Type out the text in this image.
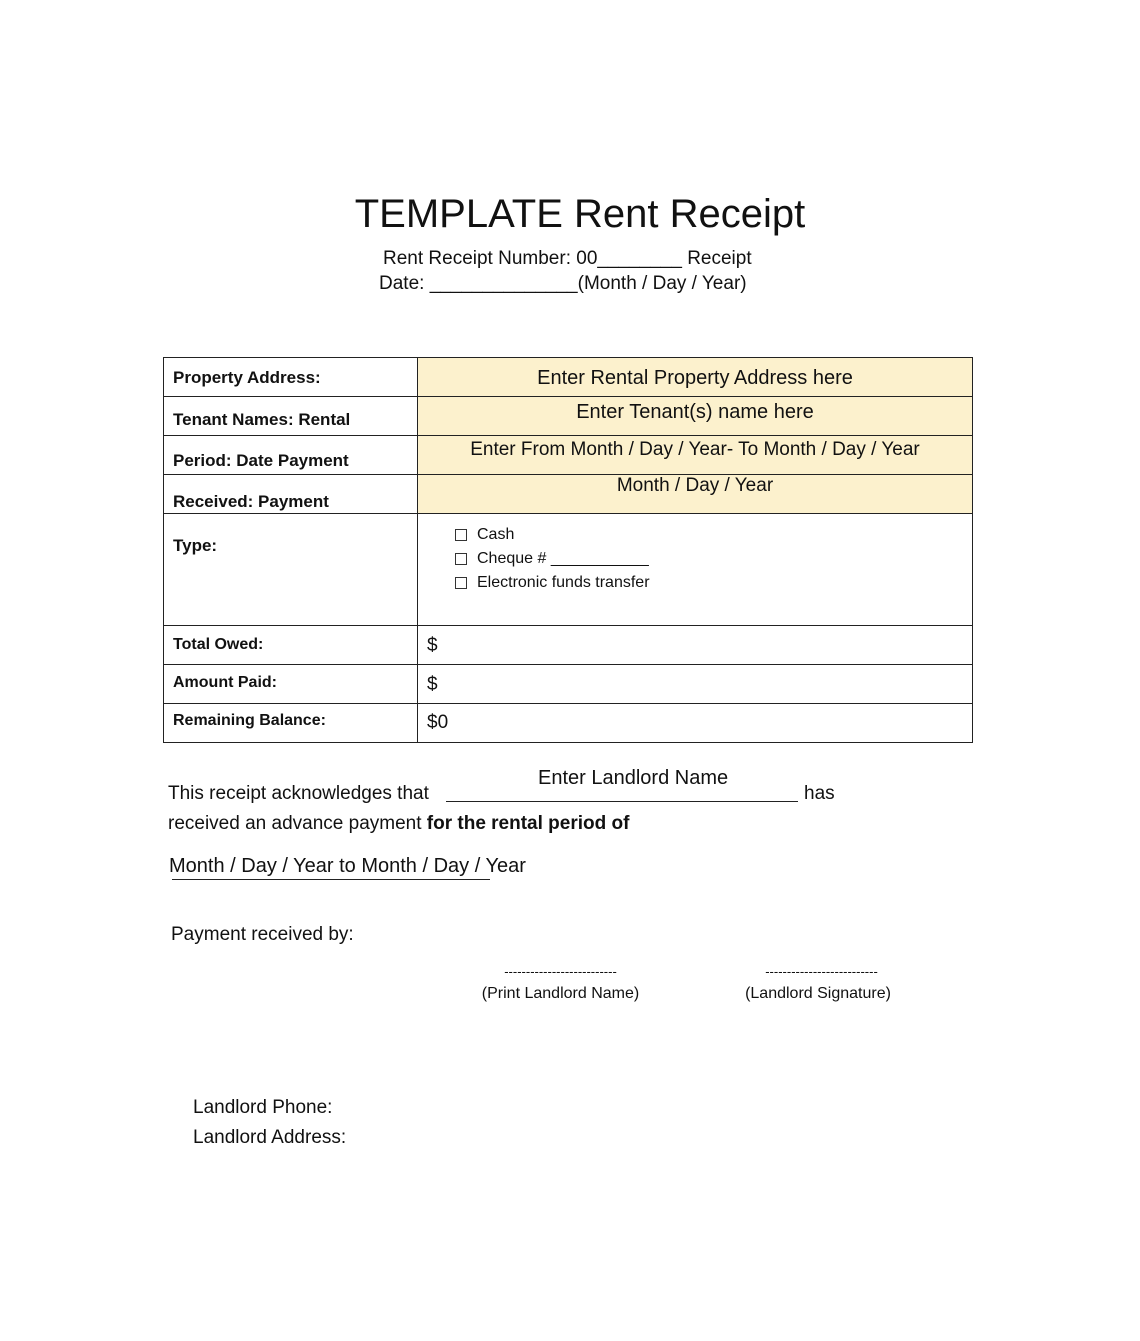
TEMPLATE Rent Receipt
Rent Receipt Number: 00________ Receipt
Date: ______________(Month / Day / Year)
Property Address:	Enter Rental Property Address here

Tenant Names: Rental	Enter Tenant(s) name here

Period: Date Payment	Enter From Month / Day / Year- To Month / Day / Year

Received: Payment	Month / Day / Year

Type:	Cash
Cheque # ___________
Electronic funds transfer

Total Owed:	$

Amount Paid:	$

Remaining Balance:	$0
Enter Landlord Name
This receipt acknowledges that	has
received an advance payment for the rental period of
Month / Day / Year to Month / Day / Year
Payment received by:
--------------------------
(Print Landlord Name)
--------------------------
(Landlord Signature)
Landlord Phone:
Landlord Address:
